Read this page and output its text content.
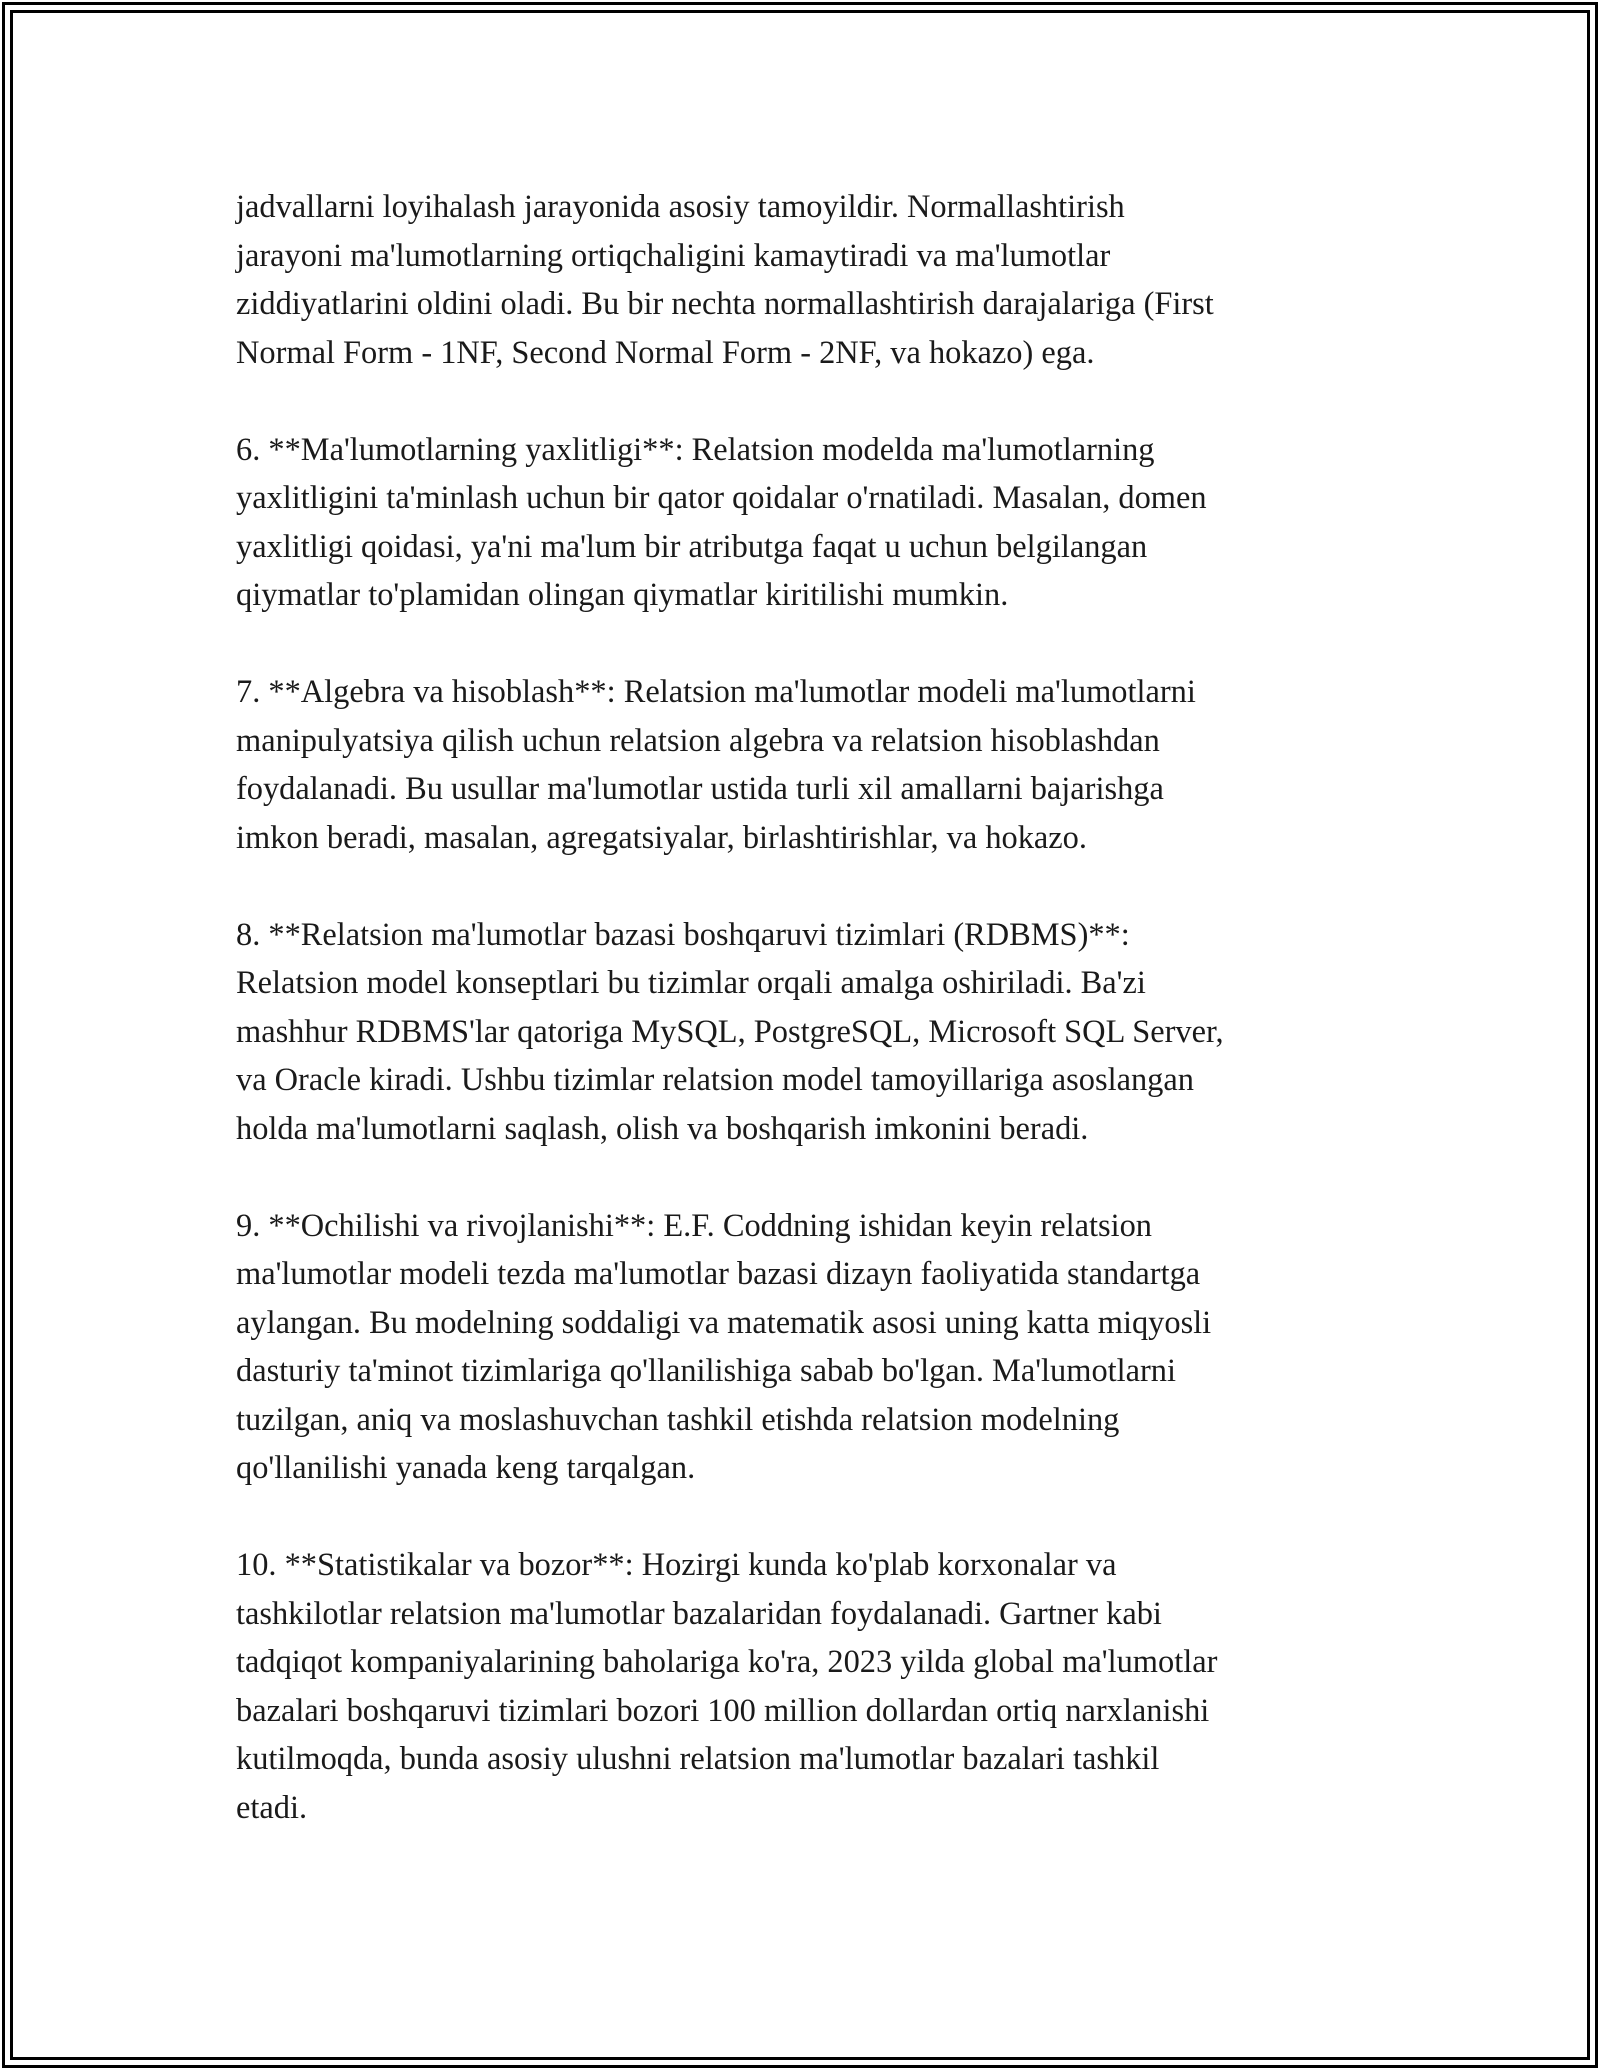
jadvallarni loyihalash jarayonida asosiy tamoyildir. Normallashtirish
jarayoni ma'lumotlarning ortiqchaligini kamaytiradi va ma'lumotlar
ziddiyatlarini oldini oladi. Bu bir nechta normallashtirish darajalariga (First
Normal Form - 1NF, Second Normal Form - 2NF, va hokazo) ega.

6. **Ma'lumotlarning yaxlitligi**: Relatsion modelda ma'lumotlarning
yaxlitligini ta'minlash uchun bir qator qoidalar o'rnatiladi. Masalan, domen
yaxlitligi qoidasi, ya'ni ma'lum bir atributga faqat u uchun belgilangan
qiymatlar to'plamidan olingan qiymatlar kiritilishi mumkin.

7. **Algebra va hisoblash**: Relatsion ma'lumotlar modeli ma'lumotlarni
manipulyatsiya qilish uchun relatsion algebra va relatsion hisoblashdan
foydalanadi. Bu usullar ma'lumotlar ustida turli xil amallarni bajarishga
imkon beradi, masalan, agregatsiyalar, birlashtirishlar, va hokazo.

8. **Relatsion ma'lumotlar bazasi boshqaruvi tizimlari (RDBMS)**:
Relatsion model konseptlari bu tizimlar orqali amalga oshiriladi. Ba'zi
mashhur RDBMS'lar qatoriga MySQL, PostgreSQL, Microsoft SQL Server,
va Oracle kiradi. Ushbu tizimlar relatsion model tamoyillariga asoslangan
holda ma'lumotlarni saqlash, olish va boshqarish imkonini beradi.

9. **Ochilishi va rivojlanishi**: E.F. Coddning ishidan keyin relatsion
ma'lumotlar modeli tezda ma'lumotlar bazasi dizayn faoliyatida standartga
aylangan. Bu modelning soddaligi va matematik asosi uning katta miqyosli
dasturiy ta'minot tizimlariga qo'llanilishiga sabab bo'lgan. Ma'lumotlarni
tuzilgan, aniq va moslashuvchan tashkil etishda relatsion modelning
qo'llanilishi yanada keng tarqalgan.

10. **Statistikalar va bozor**: Hozirgi kunda ko'plab korxonalar va
tashkilotlar relatsion ma'lumotlar bazalaridan foydalanadi. Gartner kabi
tadqiqot kompaniyalarining baholariga ko'ra, 2023 yilda global ma'lumotlar
bazalari boshqaruvi tizimlari bozori 100 million dollardan ortiq narxlanishi
kutilmoqda, bunda asosiy ulushni relatsion ma'lumotlar bazalari tashkil
etadi.
